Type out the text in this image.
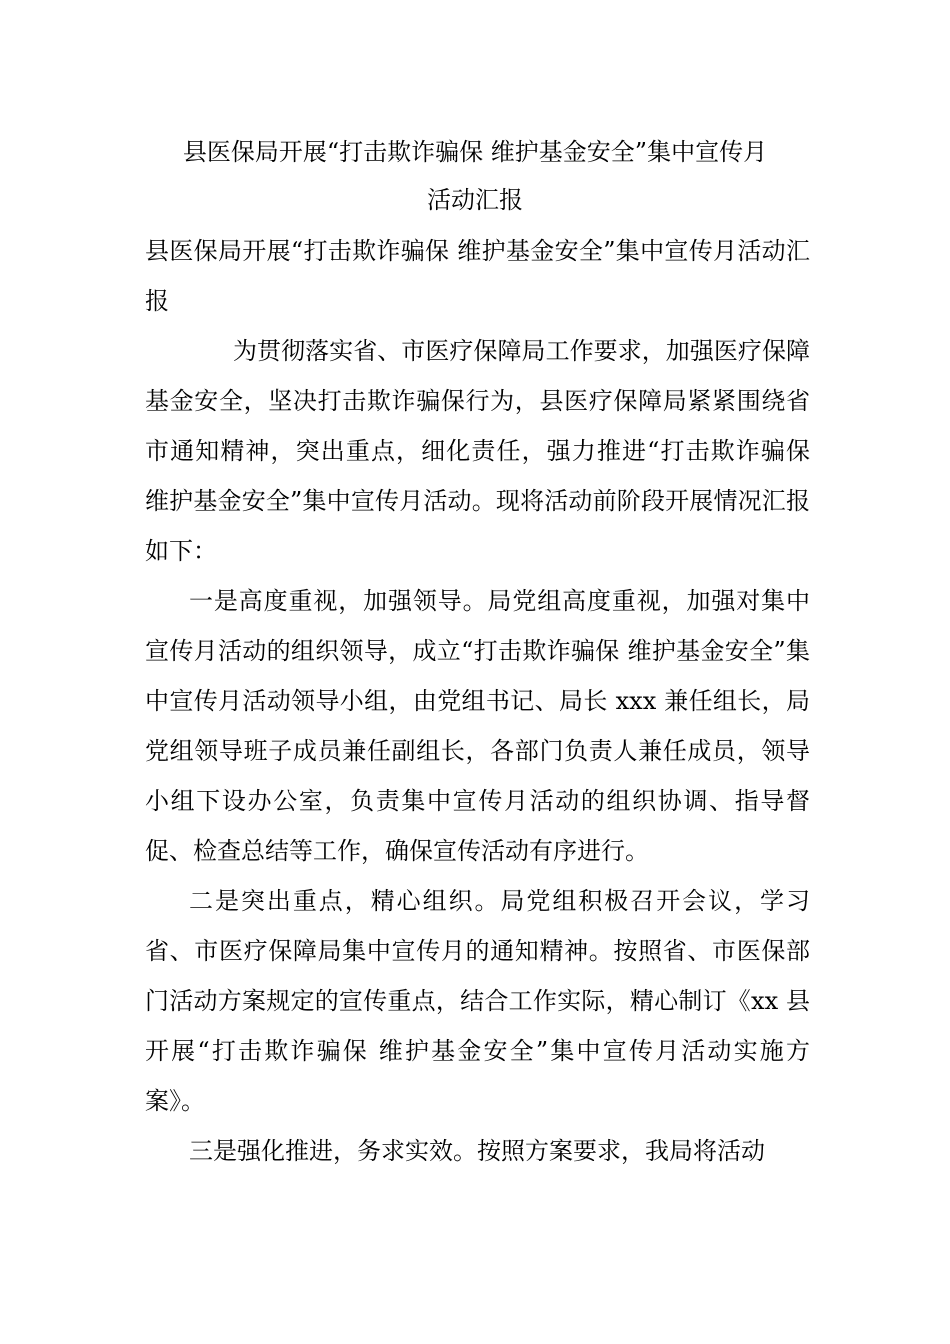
县医保局开展“打击欺诈骗保 维护基金安全”集中宣传月
活动汇报

县医保局开展“打击欺诈骗保 维护基金安全”集中宣传月活动汇报

为贯彻落实省、市医疗保障局工作要求，加强医疗保障基金安全，坚决打击欺诈骗保行为，县医疗保障局紧紧围绕省市通知精神，突出重点，细化责任，强力推进“打击欺诈骗保 维护基金安全”集中宣传月活动。现将活动前阶段开展情况汇报如下：

一是高度重视，加强领导。局党组高度重视，加强对集中宣传月活动的组织领导，成立“打击欺诈骗保 维护基金安全”集中宣传月活动领导小组，由党组书记、局长 xxx 兼任组长，局党组领导班子成员兼任副组长，各部门负责人兼任成员，领导小组下设办公室，负责集中宣传月活动的组织协调、指导督促、检查总结等工作，确保宣传活动有序进行。

二是突出重点，精心组织。局党组积极召开会议，学习省、市医疗保障局集中宣传月的通知精神。按照省、市医保部门活动方案规定的宣传重点，结合工作实际，精心制订《xx 县开展“打击欺诈骗保 维护基金安全”集中宣传月活动实施方案》。

三是强化推进，务求实效。按照方案要求，我局将活动
